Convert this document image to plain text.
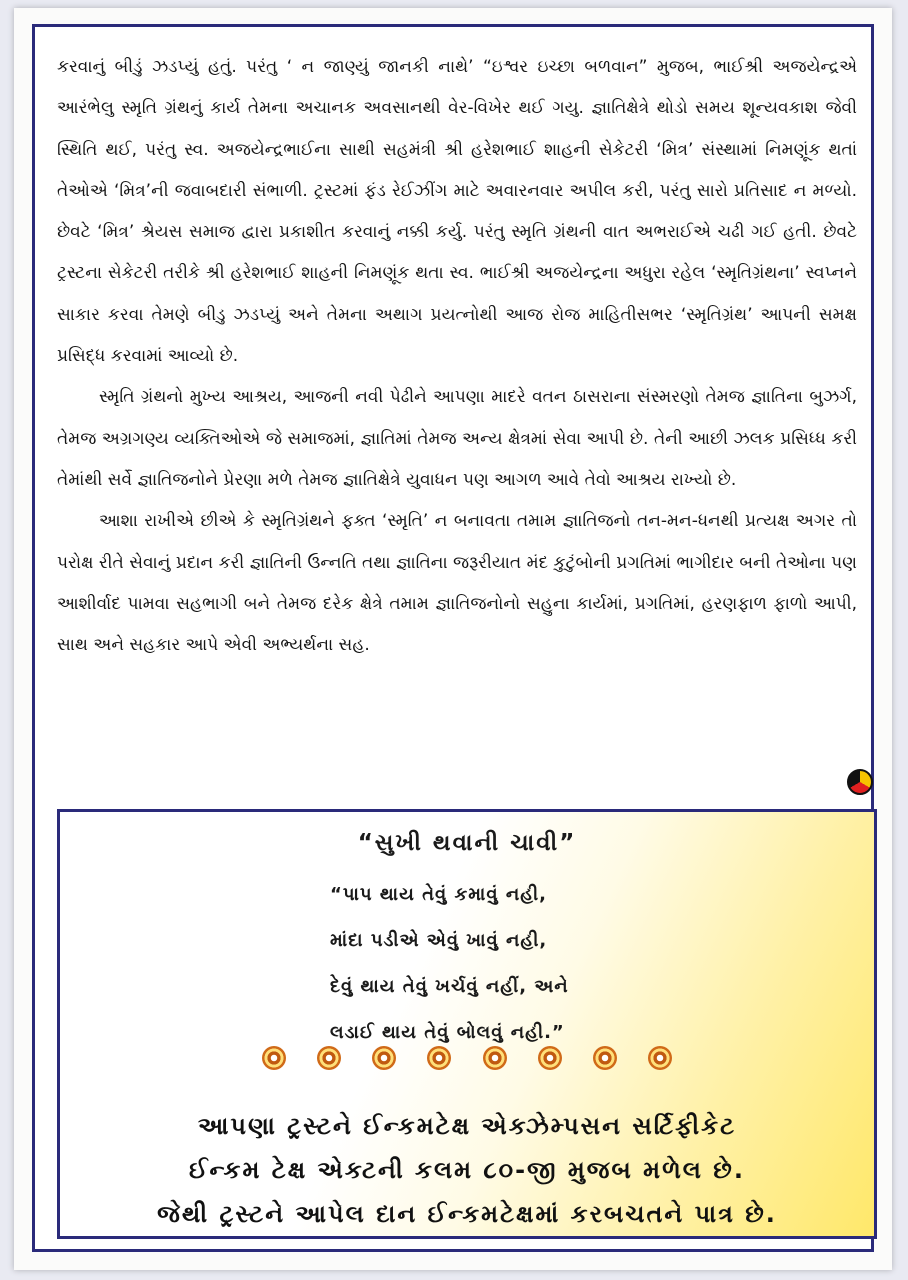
કરવાનું બીડું ઝડપ્યું હતું. પરંતુ ‘ ન જાણ્યું જાનકી નાથે’ “ઇશ્વર ઇચ્છા બળવાન” મુજબ, ભાઈશ્રી અજયેન્દ્રએ આરંભેલુ સ્મૃતિ ગ્રંથનું કાર્ય તેમના અચાનક અવસાનથી વેર-વિખેર થઈ ગયુ. જ્ઞાતિક્ષેત્રે થોડો સમય શૂન્યવકાશ જેવી સ્થિતિ થઈ, પરંતુ સ્વ. અજયેન્દ્રભાઈના સાથી સહમંત્રી શ્રી હરેશભાઈ શાહની સેકેટરી ‘મિત્ર’ સંસ્થામાં નિમણૂંક થતાં તેઓએ ‘મિત્ર’ની જવાબદારી સંભાળી. ટ્રસ્ટમાં ફંડ રેઈઝીંગ માટે અવારનવાર અપીલ કરી, પરંતુ સારો પ્રતિસાદ ન મળ્યો. છેવટે ‘મિત્ર’ શ્રેયસ સમાજ દ્વારા પ્રકાશીત કરવાનું નક્કી કર્યુ. પરંતુ સ્મૃતિ ગ્રંથની વાત અભરાઈએ ચઢી ગઈ હતી. છેવટે ટ્રસ્ટના સેકેટરી તરીકે શ્રી હરેશભાઈ શાહની નિમણૂંક થતા સ્વ. ભાઈશ્રી અજયેન્દ્રના અધુરા રહેલ ‘સ્મૃતિગ્રંથના’ સ્વપ્નને સાકાર કરવા તેમણે બીડુ ઝડપ્યું અને તેમના અથાગ પ્રયત્નોથી આજ રોજ માહિતીસભર ‘સ્મૃતિગ્રંથ’ આપની સમક્ષ પ્રસિદ્ધ કરવામાં આવ્યો છે.

સ્મૃતિ ગ્રંથનો મુખ્ય આશ્રય, આજની નવી પેઢીને આપણા માદરે વતન ઠાસરાના સંસ્મરણો તેમજ જ્ઞાતિના બુઝર્ગ, તેમજ અગ્રગણ્ય વ્યક્તિઓએ જે સમાજમાં, જ્ઞાતિમાં તેમજ અન્ય ક્ષેત્રમાં સેવા આપી છે. તેની આછી ઝલક પ્રસિધ્ધ કરી તેમાંથી સર્વે જ્ઞાતિજનોને પ્રેરણા મળે તેમજ જ્ઞાતિક્ષેત્રે યુવાધન પણ આગળ આવે તેવો આશ્રય રાખ્યો છે.

આશા રાખીએ છીએ કે સ્મૃતિગ્રંથને ફક્ત ‘સ્મૃતિ’ ન બનાવતા તમામ જ્ઞાતિજનો તન-મન-ધનથી પ્રત્યક્ષ અગર તો પરોક્ષ રીતે સેવાનું પ્રદાન કરી જ્ઞાતિની ઉન્નતિ તથા જ્ઞાતિના જરૂરીયાત મંદ કુટુંબોની પ્રગતિમાં ભાગીદાર બની તેઓના પણ આશીર્વાદ પામવા સહભાગી બને તેમજ દરેક ક્ષેત્રે તમામ જ્ઞાતિજનોનો સહુના કાર્યમાં, પ્રગતિમાં, હરણફાળ ફાળો આપી, સાથ અને સહકાર આપે એવી અભ્યર્થના સહ.

“સુખી થવાની ચાવી”
“પાપ થાય તેવું કમાવું નહી,
માંદા પડીએ એવું ખાવું નહી,
દેવું થાય તેવું ખર્ચવું નહીં, અને
લડાઈ થાય તેવું બોલવું નહી.”

આપણા ટ્રસ્ટને ઈન્કમટેક્ષ એક્ઝેમ્પસન સર્ટિફીકેટ
ઈન્કમ ટેક્ષ એક્ટની કલમ ૮૦-જી મુજબ મળેલ છે.
જેથી ટ્રસ્ટને આપેલ દાન ઈન્કમટેક્ષમાં કરબચતને પાત્ર છે.
